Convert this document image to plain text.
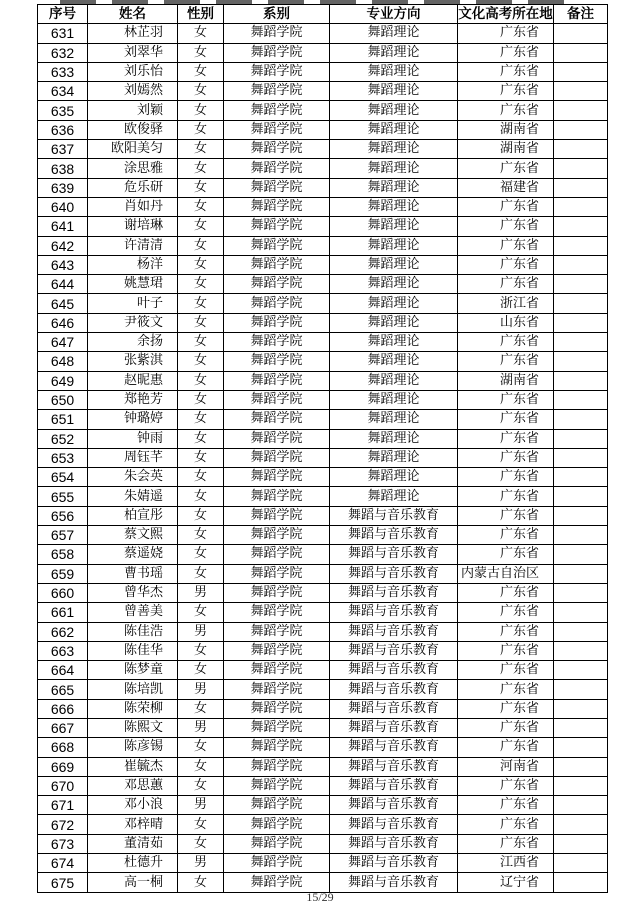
序号	姓名	性别	系别	专业方向	文化高考所在地	备注
631	林芷羽	女	舞蹈学院	舞蹈理论	广东省	
632	刘翠华	女	舞蹈学院	舞蹈理论	广东省	
633	刘乐怡	女	舞蹈学院	舞蹈理论	广东省	
634	刘嫣然	女	舞蹈学院	舞蹈理论	广东省	
635	刘颖	女	舞蹈学院	舞蹈理论	广东省	
636	欧俊驿	女	舞蹈学院	舞蹈理论	湖南省	
637	欧阳美匀	女	舞蹈学院	舞蹈理论	湖南省	
638	涂思雅	女	舞蹈学院	舞蹈理论	广东省	
639	危乐研	女	舞蹈学院	舞蹈理论	福建省	
640	肖如丹	女	舞蹈学院	舞蹈理论	广东省	
641	谢培琳	女	舞蹈学院	舞蹈理论	广东省	
642	许清清	女	舞蹈学院	舞蹈理论	广东省	
643	杨洋	女	舞蹈学院	舞蹈理论	广东省	
644	姚慧珺	女	舞蹈学院	舞蹈理论	广东省	
645	叶子	女	舞蹈学院	舞蹈理论	浙江省	
646	尹筱文	女	舞蹈学院	舞蹈理论	山东省	
647	余扬	女	舞蹈学院	舞蹈理论	广东省	
648	张紫淇	女	舞蹈学院	舞蹈理论	广东省	
649	赵昵惠	女	舞蹈学院	舞蹈理论	湖南省	
650	郑艳芳	女	舞蹈学院	舞蹈理论	广东省	
651	钟璐婷	女	舞蹈学院	舞蹈理论	广东省	
652	钟雨	女	舞蹈学院	舞蹈理论	广东省	
653	周钰芊	女	舞蹈学院	舞蹈理论	广东省	
654	朱会英	女	舞蹈学院	舞蹈理论	广东省	
655	朱婧遥	女	舞蹈学院	舞蹈理论	广东省	
656	柏宣彤	女	舞蹈学院	舞蹈与音乐教育	广东省	
657	蔡文熙	女	舞蹈学院	舞蹈与音乐教育	广东省	
658	蔡遥娆	女	舞蹈学院	舞蹈与音乐教育	广东省	
659	曹书瑶	女	舞蹈学院	舞蹈与音乐教育	内蒙古自治区	
660	曾华杰	男	舞蹈学院	舞蹈与音乐教育	广东省	
661	曾善美	女	舞蹈学院	舞蹈与音乐教育	广东省	
662	陈佳浩	男	舞蹈学院	舞蹈与音乐教育	广东省	
663	陈佳华	女	舞蹈学院	舞蹈与音乐教育	广东省	
664	陈梦童	女	舞蹈学院	舞蹈与音乐教育	广东省	
665	陈培凯	男	舞蹈学院	舞蹈与音乐教育	广东省	
666	陈荣柳	女	舞蹈学院	舞蹈与音乐教育	广东省	
667	陈熙文	男	舞蹈学院	舞蹈与音乐教育	广东省	
668	陈彦锡	女	舞蹈学院	舞蹈与音乐教育	广东省	
669	崔毓杰	女	舞蹈学院	舞蹈与音乐教育	河南省	
670	邓思蕙	女	舞蹈学院	舞蹈与音乐教育	广东省	
671	邓小浪	男	舞蹈学院	舞蹈与音乐教育	广东省	
672	邓梓晴	女	舞蹈学院	舞蹈与音乐教育	广东省	
673	董清茹	女	舞蹈学院	舞蹈与音乐教育	广东省	
674	杜德升	男	舞蹈学院	舞蹈与音乐教育	江西省	
675	高一桐	女	舞蹈学院	舞蹈与音乐教育	辽宁省	
15/29
